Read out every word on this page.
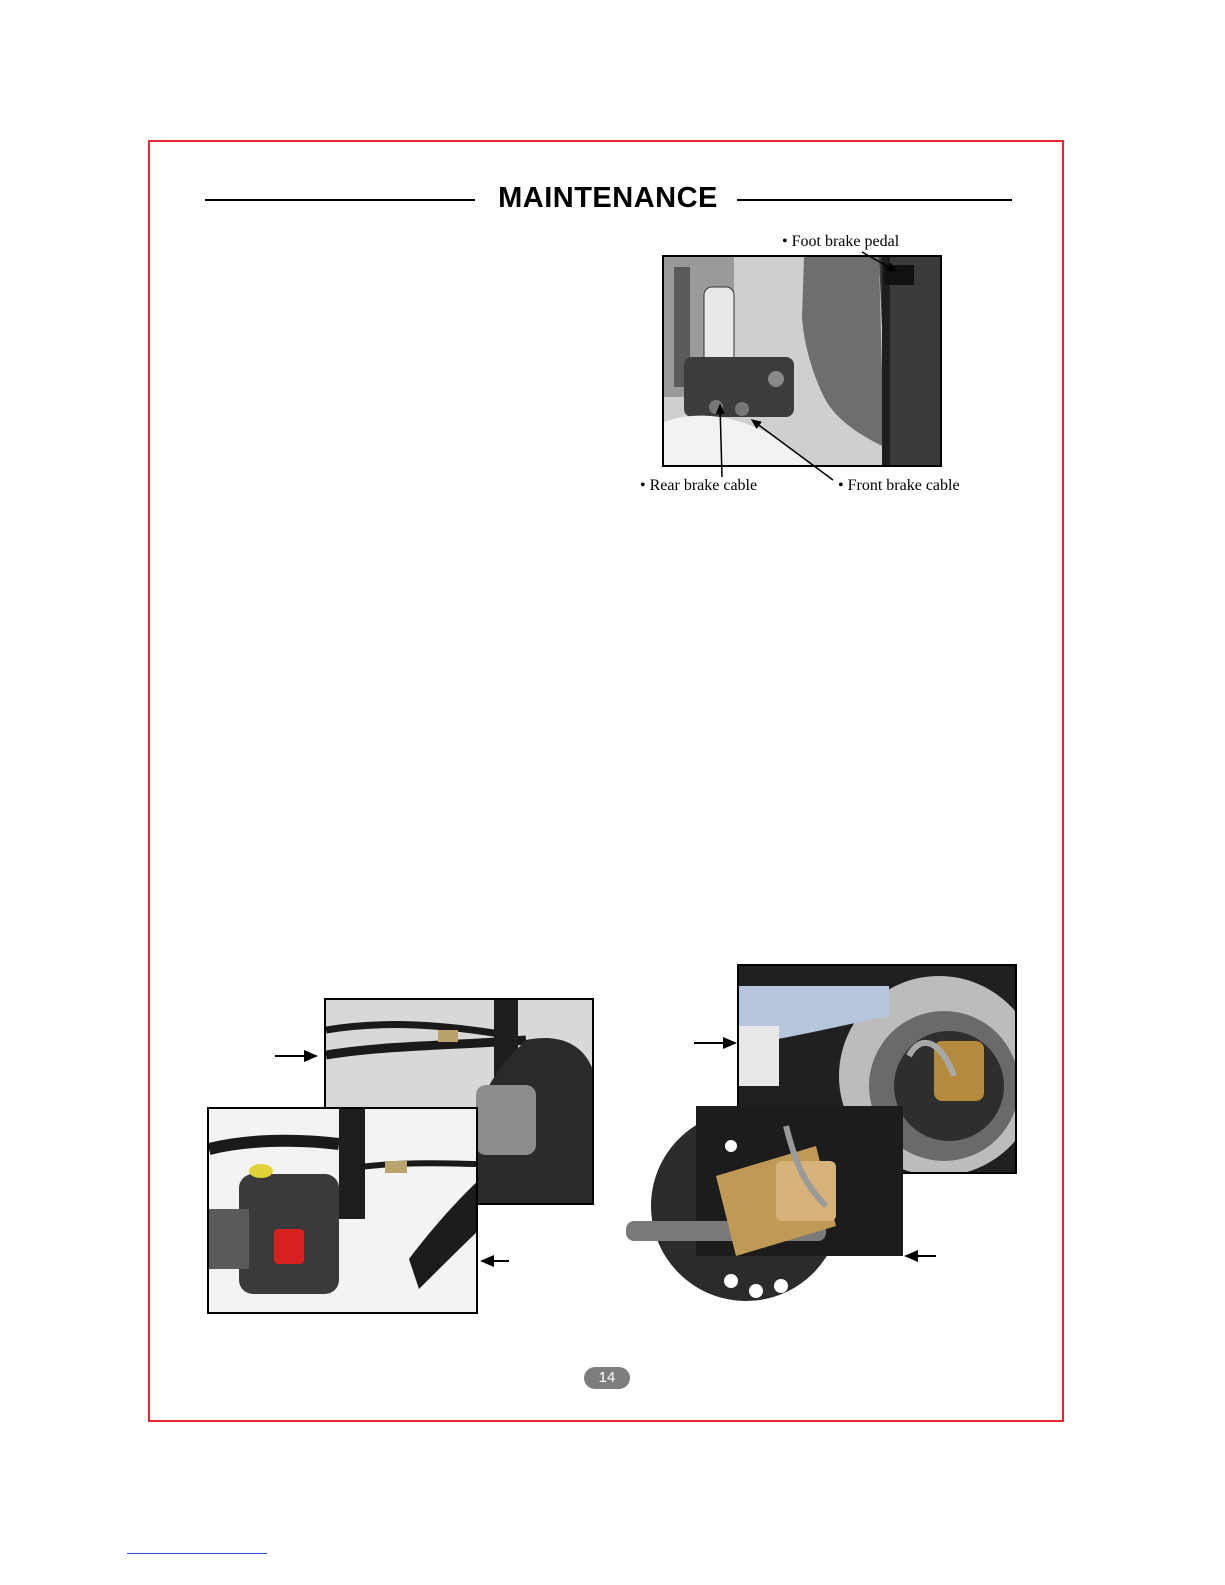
MAINTENANCE
• Foot brake pedal
• Rear brake cable	• Front brake cable
14
